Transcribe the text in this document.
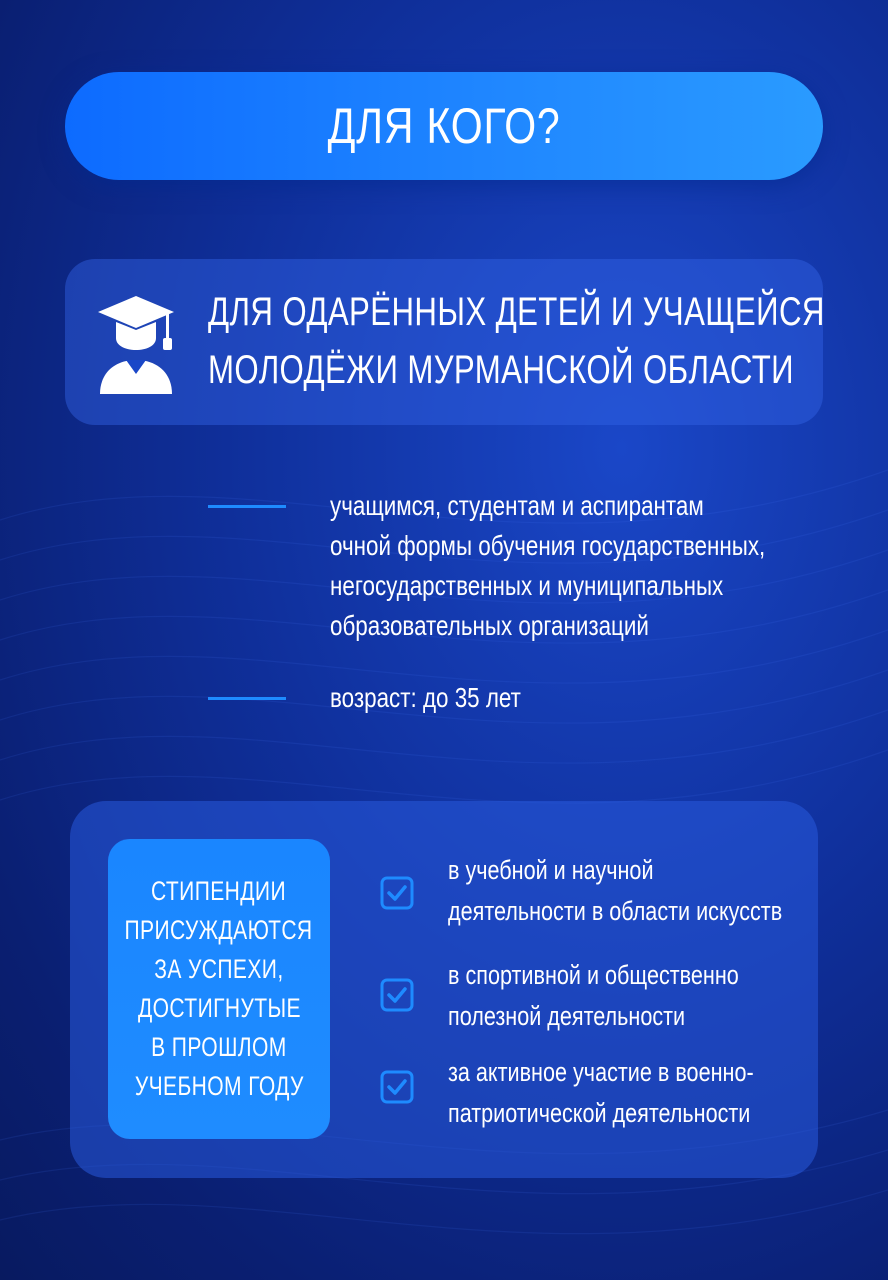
ДЛЯ КОГО?
ДЛЯ ОДАРЁННЫХ ДЕТЕЙ И УЧАЩЕЙСЯ
МОЛОДЁЖИ МУРМАНСКОЙ ОБЛАСТИ
учащимся, студентам и аспирантам
очной формы обучения государственных,
негосударственных и муниципальных
образовательных организаций
возраст: до 35 лет
СТИПЕНДИИ
ПРИСУЖДАЮТСЯ
ЗА УСПЕХИ,
ДОСТИГНУТЫЕ
В ПРОШЛОМ
УЧЕБНОМ ГОДУ
в учебной и научной
деятельности в области искусств
в спортивной и общественно
полезной деятельности
за активное участие в военно-
патриотической деятельности
